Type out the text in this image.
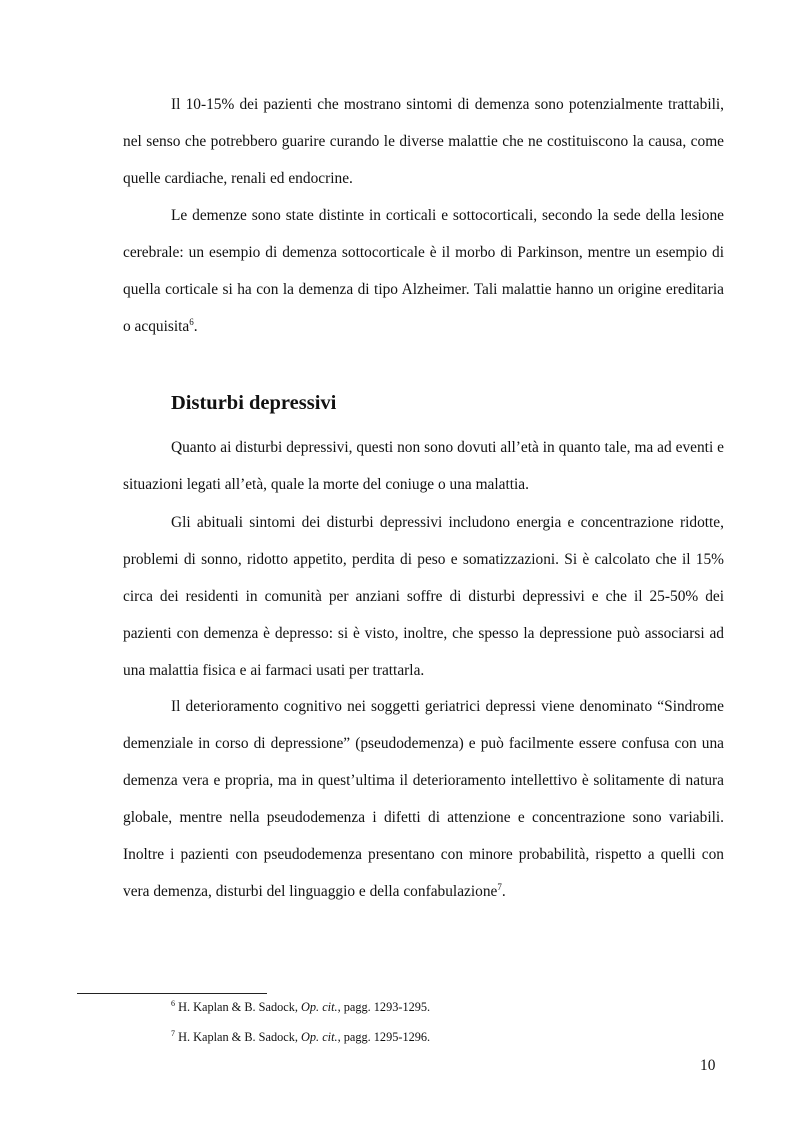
Il 10-15% dei pazienti che mostrano sintomi di demenza sono potenzialmente trattabili, nel senso che potrebbero guarire curando le diverse malattie che ne costituiscono la causa, come quelle cardiache, renali ed endocrine.

Le demenze sono state distinte in corticali e sottocorticali, secondo la sede della lesione cerebrale: un esempio di demenza sottocorticale è il morbo di Parkinson, mentre un esempio di quella corticale si ha con la demenza di tipo Alzheimer. Tali malattie hanno un origine ereditaria o acquisita$^6$.

Disturbi depressivi

Quanto ai disturbi depressivi, questi non sono dovuti all’età in quanto tale, ma ad eventi e situazioni legati all’età, quale la morte del coniuge o una malattia.

Gli abituali sintomi dei disturbi depressivi includono energia e concentrazione ridotte, problemi di sonno, ridotto appetito, perdita di peso e somatizzazioni. Si è calcolato che il 15% circa dei residenti in comunità per anziani soffre di disturbi depressivi e che il 25-50% dei pazienti con demenza è depresso: si è visto, inoltre, che spesso la depressione può associarsi ad una malattia fisica e ai farmaci usati per trattarla.

Il deterioramento cognitivo nei soggetti geriatrici depressi viene denominato “Sindrome demenziale in corso di depressione” (pseudodemenza) e può facilmente essere confusa con una demenza vera e propria, ma in quest’ultima il deterioramento intellettivo è solitamente di natura globale, mentre nella pseudodemenza i difetti di attenzione e concentrazione sono variabili. Inoltre i pazienti con pseudodemenza presentano con minore probabilità, rispetto a quelli con vera demenza, disturbi del linguaggio e della confabulazione$^7$.

$^6$ H. Kaplan & B. Sadock, Op. cit., pagg. 1293-1295.

$^7$ H. Kaplan & B. Sadock, Op. cit., pagg. 1295-1296.

10
